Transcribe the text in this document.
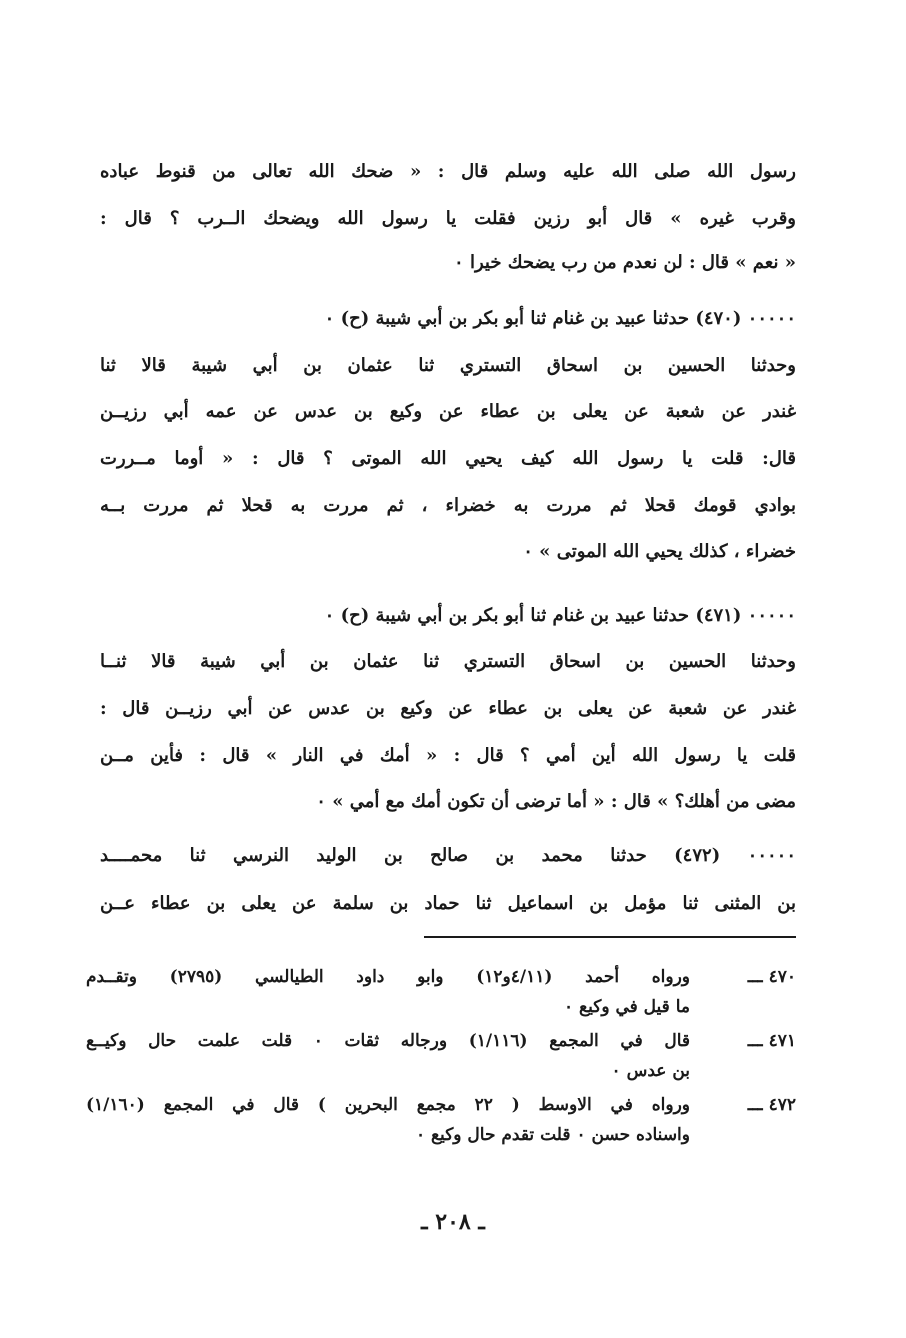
رسول الله صلى الله عليه وسلم قال : « ضحك الله تعالى من قنوط عباده
وقرب غيره » قال أبو رزين فقلت يا رسول الله ويضحك الــرب ؟ قال :
« نعم » قال : لن نعدم من رب يضحك خيرا ٠
٠٠٠٠٠ (٤٧٠) حدثنا عبيد بن غنام ثنا أبو بكر بن أبي شيبة (ح) ٠
وحدثنا الحسين بن اسحاق التستري ثنا عثمان بن أبي شيبة قالا ثنا
غندر عن شعبة عن يعلى بن عطاء عن وكيع بن عدس عن عمه أبي رزيــن
قال: قلت يا رسول الله كيف يحيي الله الموتى ؟ قال : « أوما مــررت
بوادي قومك قحلا ثم مررت به خضراء ، ثم مررت به قحلا ثم مررت بــه
خضراء ، كذلك يحيي الله الموتى » ٠
٠٠٠٠٠ (٤٧١) حدثنا عبيد بن غنام ثنا أبو بكر بن أبي شيبة (ح) ٠
وحدثنا الحسين بن اسحاق التستري ثنا عثمان بن أبي شيبة قالا ثنــا
غندر عن شعبة عن يعلى بن عطاء عن وكيع بن عدس عن أبي رزيــن قال :
قلت يا رسول الله أين أمي ؟ قال : « أمك في النار » قال : فأين مــن
مضى من أهلك؟ » قال : « أما ترضى أن تكون أمك مع أمي » ٠
٠٠٠٠٠ (٤٧٢) حدثنا محمد بن صالح بن الوليد النرسي ثنا محمــــد
بن المثنى ثنا مؤمل بن اسماعيل ثنا حماد بن سلمة عن يعلى بن عطاء عــن
٤٧٠ ـــ
ورواه أحمد (٤/١١و١٢) وابو داود الطيالسي (٢٧٩٥) وتقــدم
ما قيل في وكيع ٠
٤٧١ ـــ
قال في المجمع (١/١١٦) ورجاله ثقات ٠ قلت علمت حال وكيــع
بن عدس ٠
٤٧٢ ـــ
ورواه في الاوسط ( ٢٢ مجمع البحرين ) قال في المجمع (١/١٦٠)
واسناده حسن ٠ قلت تقدم حال وكيع ٠
ـ ٢٠٨ ـ
